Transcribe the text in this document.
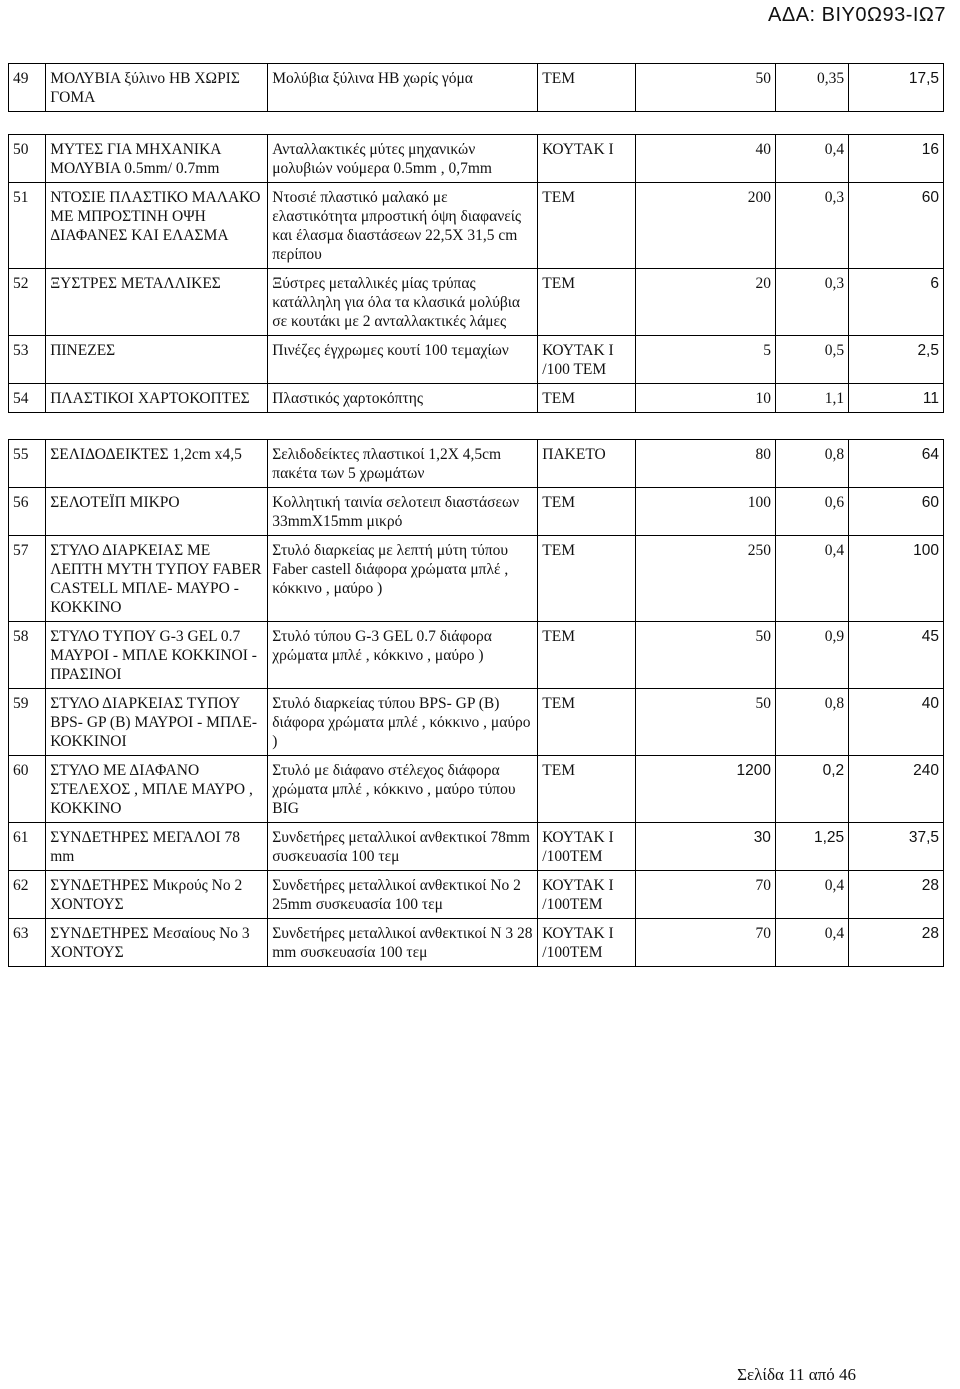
ΑΔΑ: ΒΙΥ0Ω93-ΙΩ7
49	ΜΟΛΥΒΙΑ ξύλινο HB ΧΩΡΙΣ ΓΟΜΑ	Μολύβια ξύλινα HB χωρίς γόμα	ΤΕΜ	50	0,35	17,5

50	ΜΥΤΕΣ ΓΙΑ ΜΗΧΑΝΙΚΑ ΜΟΛΥΒΙΑ 0.5mm/ 0.7mm	Ανταλλακτικές μύτες μηχανικών μολυβιών νούμερα 0.5mm , 0,7mm	ΚΟΥΤΑΚ Ι	40	0,4	16
51	ΝΤΟΣΙΕ ΠΛΑΣΤΙΚΟ ΜΑΛΑΚΟ ΜΕ ΜΠΡΟΣΤΙΝΗ ΟΨΗ ΔΙΑΦΑΝΕΣ ΚΑΙ ΕΛΑΣΜΑ	Ντοσιέ πλαστικό μαλακό με ελαστικότητα μπροστική όψη διαφανείς και έλασμα διαστάσεων 22,5Χ 31,5 cm περίπου	ΤΕΜ	200	0,3	60
52	ΞΥΣΤΡΕΣ ΜΕΤΑΛΛΙΚΕΣ	Ξύστρες μεταλλικές μίας τρύπας κατάλληλη για όλα τα κλασικά μολύβια σε κουτάκι με 2 ανταλλακτικές λάμες	ΤΕΜ	20	0,3	6
53	ΠΙΝΕΖΕΣ	Πινέζες έγχρωμες κουτί 100 τεμαχίων	ΚΟΥΤΑΚ Ι /100 ΤΕΜ	5	0,5	2,5
54	ΠΛΑΣΤΙΚΟΙ ΧΑΡΤΟΚΟΠΤΕΣ	Πλαστικός χαρτοκόπτης	ΤΕΜ	10	1,1	11

55	ΣΕΛΙΔΟΔΕΙΚΤΕΣ 1,2cm x4,5	Σελιδοδείκτες πλαστικοί 1,2Χ 4,5cm πακέτα των 5 χρωμάτων	ΠΑΚΕΤΟ	80	0,8	64
56	ΣΕΛΟΤΕΪΠ ΜΙΚΡΟ	Κολλητική ταινία σελοτειπ διαστάσεων 33mmX15mm μικρό	ΤΕΜ	100	0,6	60
57	ΣΤΥΛΟ ΔΙΑΡΚΕΙΑΣ ΜΕ ΛΕΠΤΗ ΜΥΤΗ ΤΥΠΟΥ FABER CASTELL ΜΠΛΕ- ΜΑΥΡΟ - ΚΟΚΚΙΝΟ	Στυλό διαρκείας με λεπτή μύτη τύπου Faber castell διάφορα χρώματα μπλέ , κόκκινο , μαύρο )	ΤΕΜ	250	0,4	100
58	ΣΤΥΛΟ ΤΥΠΟΥ G-3 GEL 0.7 ΜΑΥΡΟΙ - ΜΠΛΕ ΚΟΚΚΙΝΟΙ - ΠΡΑΣΙΝΟΙ	Στυλό τύπου G-3 GEL 0.7 διάφορα χρώματα μπλέ , κόκκινο , μαύρο )	ΤΕΜ	50	0,9	45
59	ΣΤΥΛΟ ΔΙΑΡΚΕΙΑΣ ΤΥΠΟΥ BPS- GP (B) ΜΑΥΡΟΙ - ΜΠΛΕ- ΚΟΚΚΙΝΟΙ	Στυλό διαρκείας τύπου BPS- GP (B) διάφορα χρώματα μπλέ , κόκκινο , μαύρο )	ΤΕΜ	50	0,8	40
60	ΣΤΥΛΟ ΜΕ ΔΙΑΦΑΝΟ ΣΤΕΛΕΧΟΣ , ΜΠΛΕ ΜΑΥΡΟ , ΚΟΚΚΙΝΟ	Στυλό με διάφανο στέλεχος διάφορα χρώματα μπλέ , κόκκινο , μαύρο τύπου BIG	ΤΕΜ	1200	0,2	240
61	ΣΥΝΔΕΤΗΡΕΣ ΜΕΓΑΛΟΙ 78 mm	Συνδετήρες μεταλλικοί ανθεκτικοί 78mm συσκευασία 100 τεμ	ΚΟΥΤΑΚ Ι /100ΤΕΜ	30	1,25	37,5
62	ΣΥΝΔΕΤΗΡΕΣ Μικρούς Νο 2 ΧΟΝΤΟΥΣ	Συνδετήρες μεταλλικοί ανθεκτικοί Νο 2 25mm συσκευασία 100 τεμ	ΚΟΥΤΑΚ Ι /100ΤΕΜ	70	0,4	28
63	ΣΥΝΔΕΤΗΡΕΣ Μεσαίους Νο 3 ΧΟΝΤΟΥΣ	Συνδετήρες μεταλλικοί ανθεκτικοί Ν 3 28 mm συσκευασία 100 τεμ	ΚΟΥΤΑΚ Ι /100ΤΕΜ	70	0,4	28
Σελίδα 11 από 46
